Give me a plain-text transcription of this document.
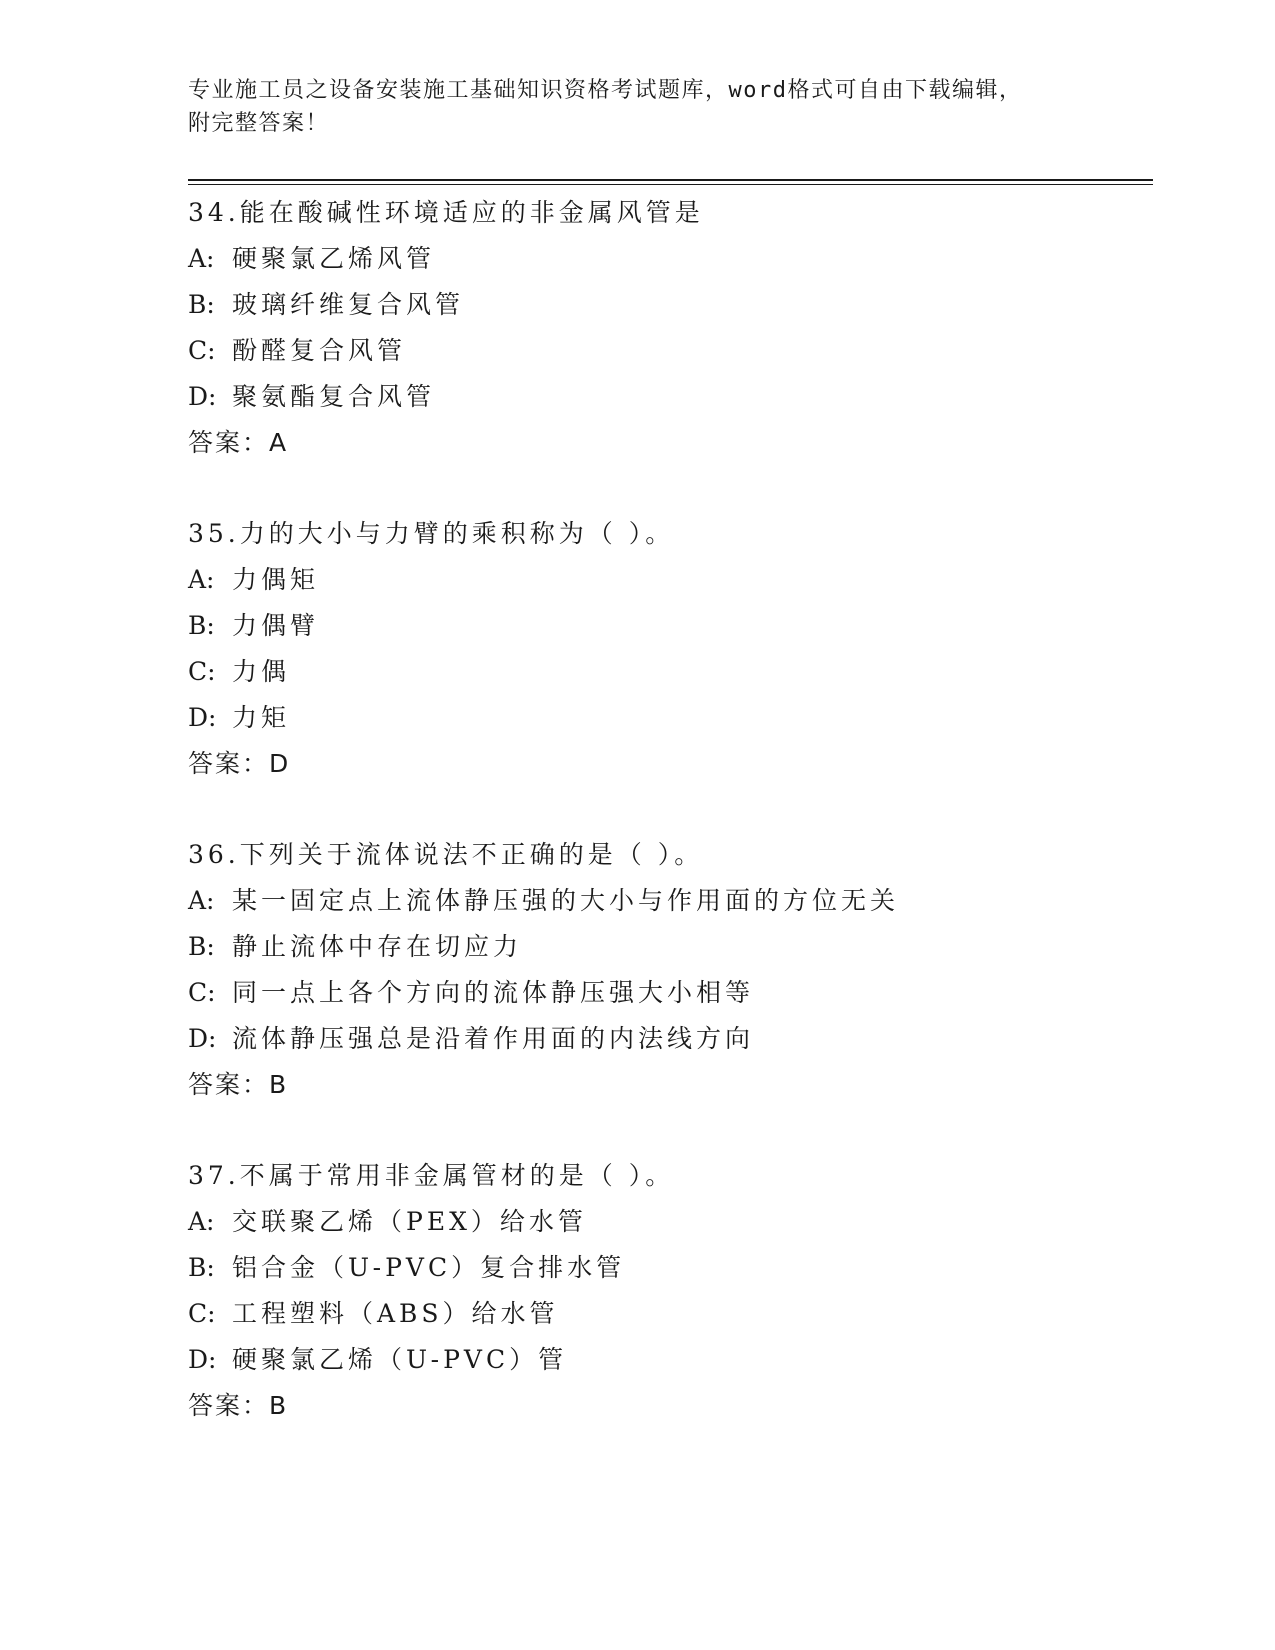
专业施工员之设备安装施工基础知识资格考试题库，word格式可自由下载编辑，
附完整答案！
34.能在酸碱性环境适应的非金属风管是
A: 硬聚氯乙烯风管
B: 玻璃纤维复合风管
C: 酚醛复合风管
D: 聚氨酯复合风管
答案：A
35.力的大小与力臂的乘积称为（ ）。
A: 力偶矩
B: 力偶臂
C: 力偶
D: 力矩
答案：D
36.下列关于流体说法不正确的是（ ）。
A: 某一固定点上流体静压强的大小与作用面的方位无关
B: 静止流体中存在切应力
C: 同一点上各个方向的流体静压强大小相等
D: 流体静压强总是沿着作用面的内法线方向
答案：B
37.不属于常用非金属管材的是（ ）。
A: 交联聚乙烯（PEX）给水管
B: 铝合金（U-PVC）复合排水管
C: 工程塑料（ABS）给水管
D: 硬聚氯乙烯（U-PVC）管
答案：B
